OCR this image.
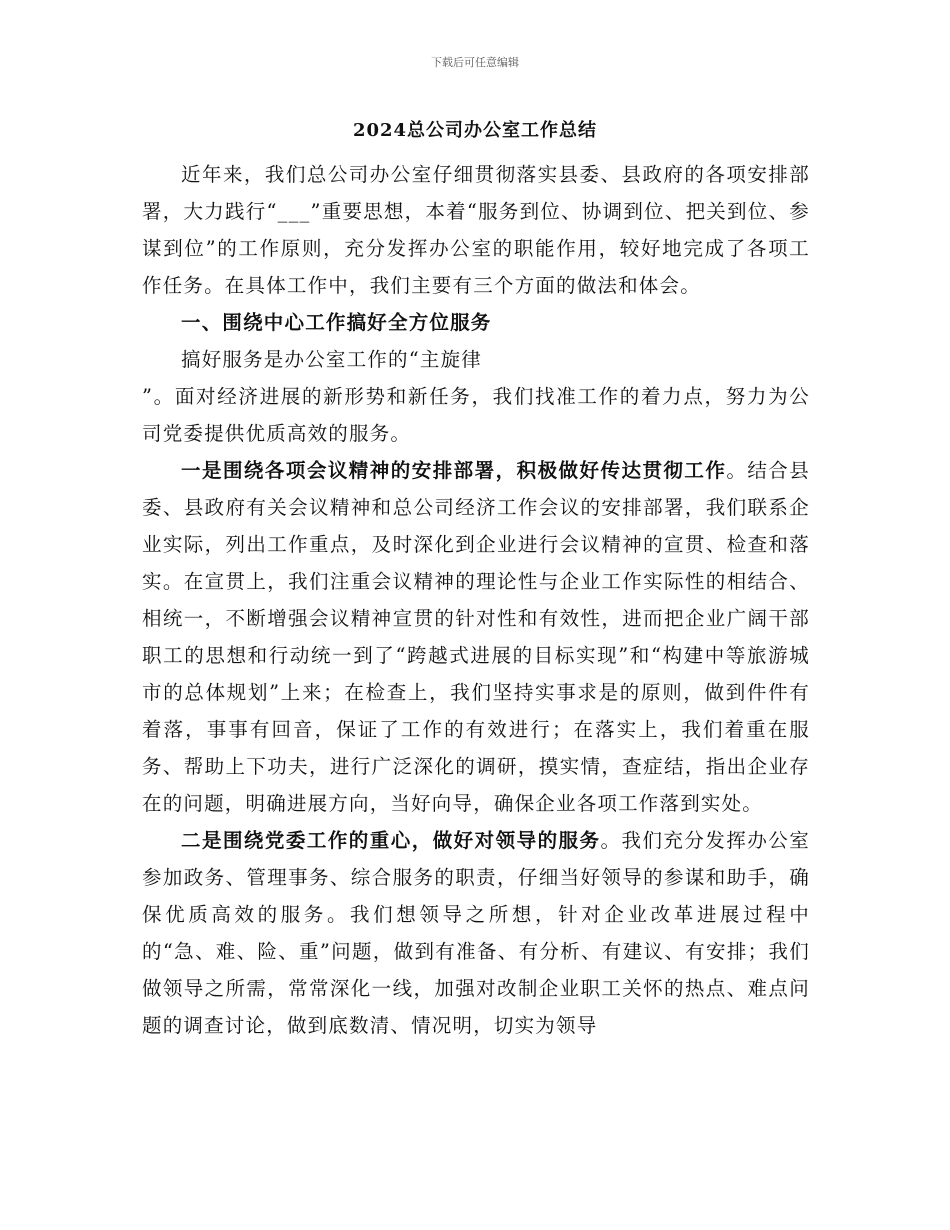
下载后可任意编辑
2024总公司办公室工作总结

近年来，我们总公司办公室仔细贯彻落实县委、县政府的各项安排部署，大力践行“___”重要思想，本着“服务到位、协调到位、把关到位、参谋到位”的工作原则，充分发挥办公室的职能作用，较好地完成了各项工作任务。在具体工作中，我们主要有三个方面的做法和体会。

一、围绕中心工作搞好全方位服务

搞好服务是办公室工作的“主旋律

”。面对经济进展的新形势和新任务，我们找准工作的着力点，努力为公司党委提供优质高效的服务。

一是围绕各项会议精神的安排部署，积极做好传达贯彻工作。结合县委、县政府有关会议精神和总公司经济工作会议的安排部署，我们联系企业实际，列出工作重点，及时深化到企业进行会议精神的宣贯、检查和落实。在宣贯上，我们注重会议精神的理论性与企业工作实际性的相结合、相统一，不断增强会议精神宣贯的针对性和有效性，进而把企业广阔干部职工的思想和行动统一到了“跨越式进展的目标实现”和“构建中等旅游城市的总体规划”上来；在检查上，我们坚持实事求是的原则，做到件件有着落，事事有回音，保证了工作的有效进行；在落实上，我们着重在服务、帮助上下功夫，进行广泛深化的调研，摸实情，查症结，指出企业存在的问题，明确进展方向，当好向导，确保企业各项工作落到实处。

二是围绕党委工作的重心，做好对领导的服务。我们充分发挥办公室参加政务、管理事务、综合服务的职责，仔细当好领导的参谋和助手，确保优质高效的服务。我们想领导之所想，针对企业改革进展过程中的“急、难、险、重”问题，做到有准备、有分析、有建议、有安排；我们做领导之所需，常常深化一线，加强对改制企业职工关怀的热点、难点问题的调查讨论，做到底数清、情况明，切实为领导
